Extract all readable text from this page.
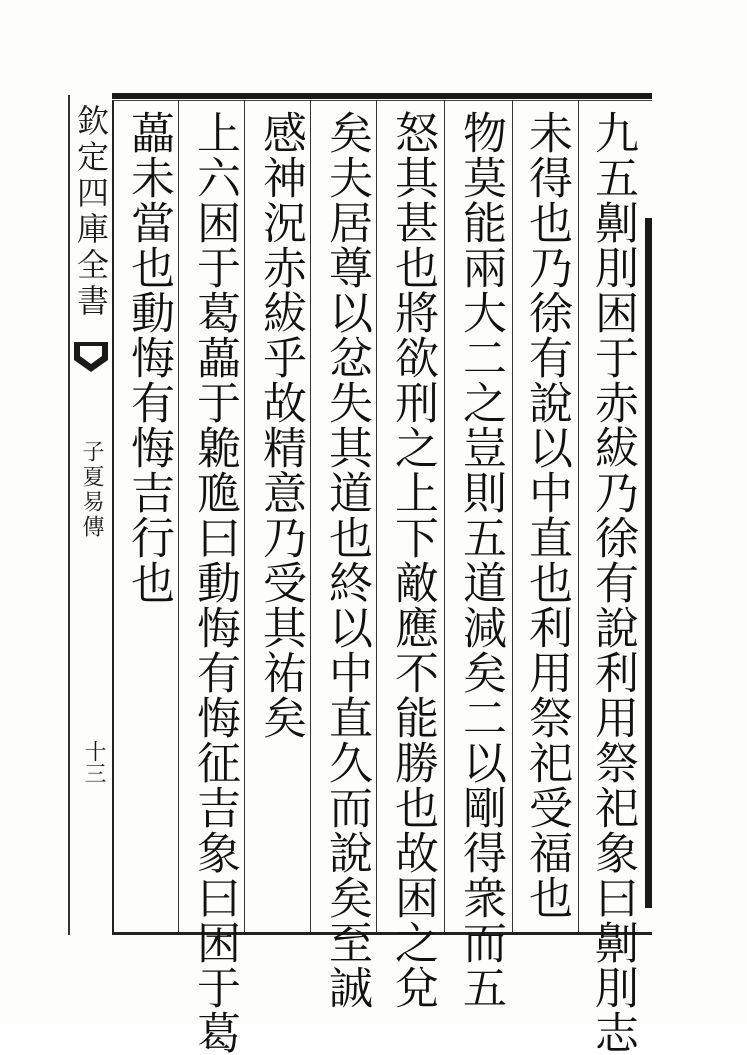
欽定四庫全書
子夏易傳
十三	九五劓刖困于赤紱乃徐有說利用祭祀象曰劓刖志
未得也乃徐有說以中直也利用祭祀受福也
物莫能兩大二之豈則五道減矣二以剛得衆而五
怒其甚也將欲刑之上下敵應不能勝也故困之兌
矣夫居尊以忿失其道也終以中直久而說矣至誠
感神況赤紱乎故精意乃受其祐矣
上六困于葛藟于臲卼曰動悔有悔征吉象曰困于葛
藟未當也動悔有悔吉行也
